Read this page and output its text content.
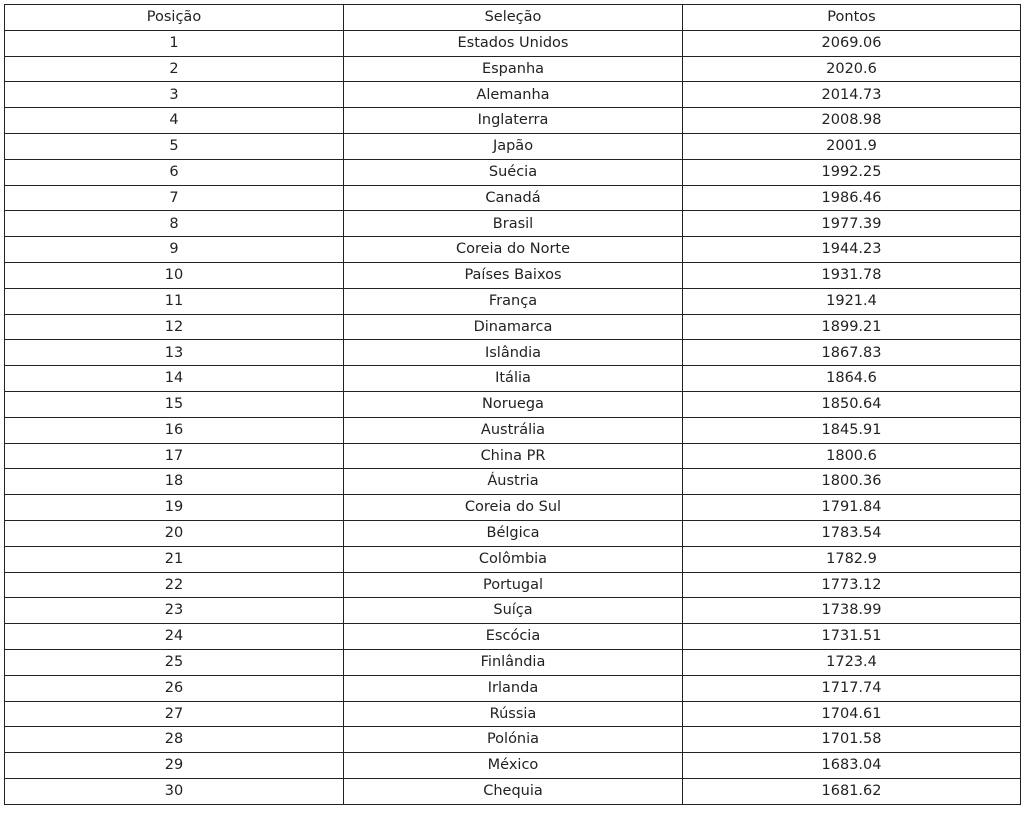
Posição	Seleção	Pontos
1	Estados Unidos	2069.06
2	Espanha	2020.6
3	Alemanha	2014.73
4	Inglaterra	2008.98
5	Japão	2001.9
6	Suécia	1992.25
7	Canadá	1986.46
8	Brasil	1977.39
9	Coreia do Norte	1944.23
10	Países Baixos	1931.78
11	França	1921.4
12	Dinamarca	1899.21
13	Islândia	1867.83
14	Itália	1864.6
15	Noruega	1850.64
16	Austrália	1845.91
17	China PR	1800.6
18	Áustria	1800.36
19	Coreia do Sul	1791.84
20	Bélgica	1783.54
21	Colômbia	1782.9
22	Portugal	1773.12
23	Suíça	1738.99
24	Escócia	1731.51
25	Finlândia	1723.4
26	Irlanda	1717.74
27	Rússia	1704.61
28	Polónia	1701.58
29	México	1683.04
30	Chequia	1681.62
